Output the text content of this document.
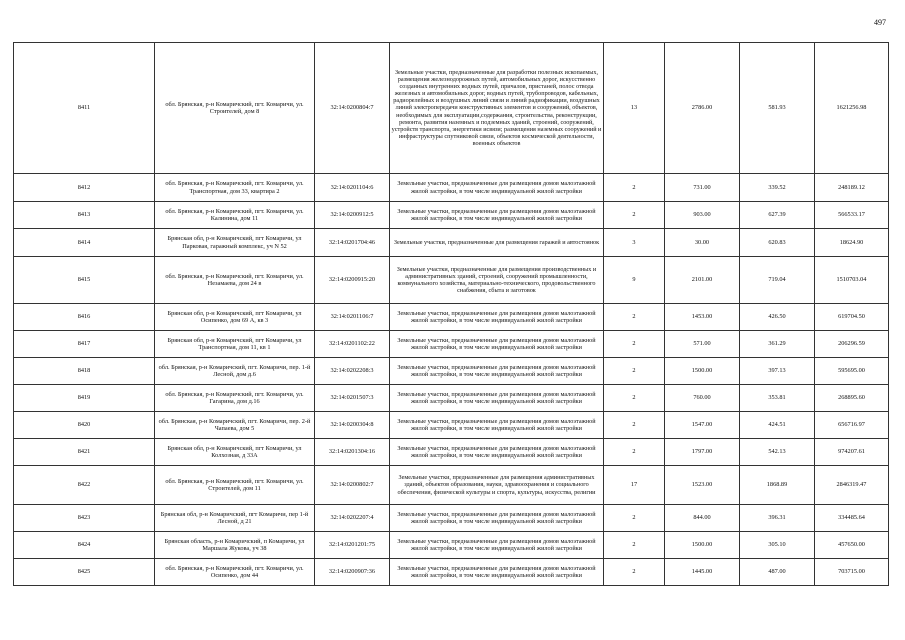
497
8411	обл. Брянская, р-н Комаричский, пгт. Комаричи, ул. Строителей, дом 8	32:14:0200804:7	Земельные участки, предназначенные для разработки полезных ископаемых, размещения железнодорожных путей, автомобильных дорог, искусственно созданных внутренних водных путей, причалов, пристаней, полос отвода железных и автомобильных дорог, водных путей, трубопроводов, кабельных, радиорелейных и воздушных линий связи и линий радиофикации, воздушных линий электропередачи конструктивных элементов и сооружений, объектов, необходимых для эксплуатации,содержания, строительства, реконструкции, ремонта, развития наземных и подземных зданий, строений, сооружений, устройств транспорта, энергетики исвязи; размещения наземных сооружений и инфраструктуры спутниковой связи, объектов космической деятельности, военных объектов	13	2786.00	581.93	1621256.98
8412	обл. Брянская, р-н Комаричский, пгт. Комаричи, ул. Транспортная, дом 33, квартира 2	32:14:0201104:6	Земельные участки, предназначенные для размещения домов малоэтажной жилой застройки, в том числе индивидуальной жилой застройки	2	731.00	339.52	248189.12
8413	обл. Брянская, р-н Комаричский, пгт. Комаричи, ул. Калинина, дом 11	32:14:0200912:5	Земельные участки, предназначенные для размещения домов малоэтажной жилой застройки, в том числе индивидуальной жилой застройки	2	903.00	627.39	566533.17
8414	Брянская обл, р-н Комаричский, пгт Комаричи, ул Парковая, гаражный комплекс, уч N 52	32:14:0201704:46	Земельные участки, предназначенные для размещения гаражей и автостоянок	3	30.00	620.83	18624.90
8415	обл. Брянская, р-н Комаричский, пгт. Комаричи, ул. Незамаева, дом 24 в	32:14:0200915:20	Земельные участки, предназначенные для размещения производственных и административных зданий, строений, сооружений промышленности, коммунального хозяйства, материально-технического, продовольственного снабжения, сбыта и заготовок	9	2101.00	719.04	1510703.04
8416	Брянская обл, р-н Комаричский, пгт Комаричи, ул Осипенко, дом 69 А, кв 3	32:14:0201106:7	Земельные участки, предназначенные для размещения домов малоэтажной жилой застройки, в том числе индивидуальной жилой застройки	2	1453.00	426.50	619704.50
8417	Брянская обл, р-н Комаричский, пгт Комаричи, ул Транспортная, дом 11, кв 1	32:14:0201102:22	Земельные участки, предназначенные для размещения домов малоэтажной жилой застройки, в том числе индивидуальной жилой застройки	2	571.00	361.29	206296.59
8418	обл. Брянская, р-н Комаричский, пгт. Комаричи, пер. 1-й Лесной, дом д.6	32:14:0202208:3	Земельные участки, предназначенные для размещения домов малоэтажной жилой застройки, в том числе индивидуальной жилой застройки	2	1500.00	397.13	595695.00
8419	обл. Брянская, р-н Комаричский, пгт. Комаричи, ул. Гагарина, дом д.16	32:14:0201507:3	Земельные участки, предназначенные для размещения домов малоэтажной жилой застройки, в том числе индивидуальной жилой застройки	2	760.00	353.81	268895.60
8420	обл. Брянская, р-н Комаричский, пгт. Комаричи, пер. 2-й Чапаева, дом 5	32:14:0200304:8	Земельные участки, предназначенные для размещения домов малоэтажной жилой застройки, в том числе индивидуальной жилой застройки	2	1547.00	424.51	656716.97
8421	Брянская обл, р-н Комаричский, пгт Комаричи, ул Колхозная, д 33А	32:14:0201304:16	Земельные участки, предназначенные для размещения домов малоэтажной жилой застройки, в том числе индивидуальной жилой застройки	2	1797.00	542.13	974207.61
8422	обл. Брянская, р-н Комаричский, пгт. Комаричи, ул. Строителей, дом 11	32:14:0200802:7	Земельные участки, предназначенные для размещения административных зданий, объектов образования, науки, здравоохранения и социального обеспечения, физической культуры и спорта, культуры, искусства, религии	17	1523.00	1868.89	2846319.47
8423	Брянская обл, р-н Комаричский, пгт Комаричи, пер 1-й Лесной, д 21	32:14:0202207:4	Земельные участки, предназначенные для размещения домов малоэтажной жилой застройки, в том числе индивидуальной жилой застройки	2	844.00	396.31	334485.64
8424	Брянская область, р-н Комаричский, п Комаричи, ул Маршала Жукова, уч 38	32:14:0201201:75	Земельные участки, предназначенные для размещения домов малоэтажной жилой застройки, в том числе индивидуальной жилой застройки	2	1500.00	305.10	457650.00
8425	обл. Брянская, р-н Комаричский, пгт. Комаричи, ул. Осипенко, дом 44	32:14:0200907:36	Земельные участки, предназначенные для размещения домов малоэтажной жилой застройки, в том числе индивидуальной жилой застройки	2	1445.00	487.00	703715.00
